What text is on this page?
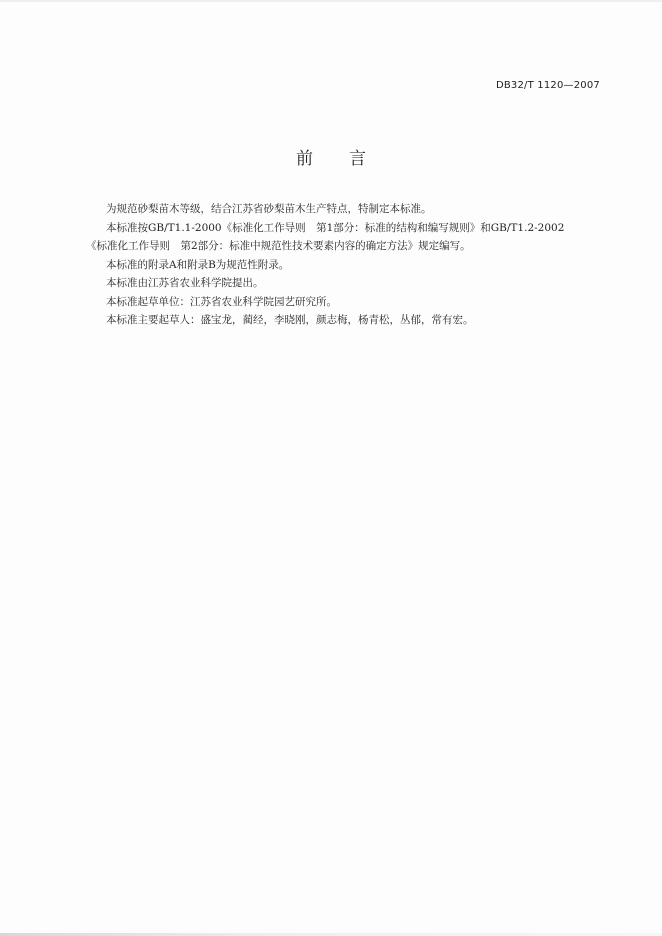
DB32/T 1120—2007
前言

为规范砂梨苗木等级，结合江苏省砂梨苗木生产特点，特制定本标准。

本标准按GB/T1.1-2000《标准化工作导则　第1部分：标准的结构和编写规则》和GB/T1.2-2002

《标准化工作导则　第2部分：标准中规范性技术要素内容的确定方法》规定编写。

本标准的附录A和附录B为规范性附录。

本标准由江苏省农业科学院提出。

本标准起草单位：江苏省农业科学院园艺研究所。

本标准主要起草人：盛宝龙，蔺经，李晓刚，颜志梅，杨青松，丛郁，常有宏。
